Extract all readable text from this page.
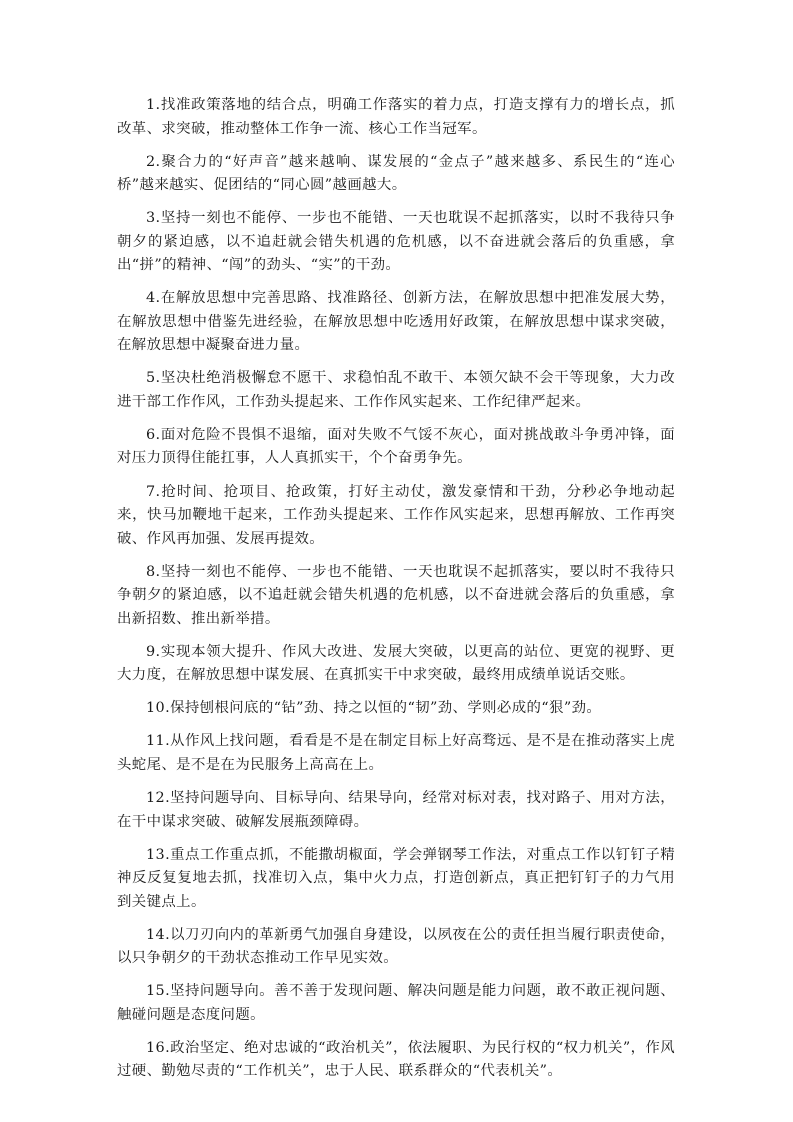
1.找准政策落地的结合点，明确工作落实的着力点，打造支撑有力的增长点，抓改革、求突破，推动整体工作争一流、核心工作当冠军。

2.聚合力的“好声音”越来越响、谋发展的“金点子”越来越多、系民生的“连心桥”越来越实、促团结的“同心圆”越画越大。

3.坚持一刻也不能停、一步也不能错、一天也耽误不起抓落实，以时不我待只争朝夕的紧迫感，以不追赶就会错失机遇的危机感，以不奋进就会落后的负重感，拿出“拼”的精神、“闯”的劲头、“实”的干劲。

4.在解放思想中完善思路、找准路径、创新方法，在解放思想中把准发展大势，在解放思想中借鉴先进经验，在解放思想中吃透用好政策，在解放思想中谋求突破，在解放思想中凝聚奋进力量。

5.坚决杜绝消极懈怠不愿干、求稳怕乱不敢干、本领欠缺不会干等现象，大力改进干部工作作风，工作劲头提起来、工作作风实起来、工作纪律严起来。

6.面对危险不畏惧不退缩，面对失败不气馁不灰心，面对挑战敢斗争勇冲锋，面对压力顶得住能扛事，人人真抓实干，个个奋勇争先。

7.抢时间、抢项目、抢政策，打好主动仗，激发豪情和干劲，分秒必争地动起来，快马加鞭地干起来，工作劲头提起来、工作作风实起来，思想再解放、工作再突破、作风再加强、发展再提效。

8.坚持一刻也不能停、一步也不能错、一天也耽误不起抓落实，要以时不我待只争朝夕的紧迫感，以不追赶就会错失机遇的危机感，以不奋进就会落后的负重感，拿出新招数、推出新举措。

9.实现本领大提升、作风大改进、发展大突破，以更高的站位、更宽的视野、更大力度，在解放思想中谋发展、在真抓实干中求突破，最终用成绩单说话交账。

10.保持刨根问底的“钻”劲、持之以恒的“韧”劲、学则必成的“狠”劲。

11.从作风上找问题，看看是不是在制定目标上好高骛远、是不是在推动落实上虎头蛇尾、是不是在为民服务上高高在上。

12.坚持问题导向、目标导向、结果导向，经常对标对表，找对路子、用对方法，在干中谋求突破、破解发展瓶颈障碍。

13.重点工作重点抓，不能撒胡椒面，学会弹钢琴工作法，对重点工作以钉钉子精神反反复复地去抓，找准切入点，集中火力点，打造创新点，真正把钉钉子的力气用到关键点上。

14.以刀刃向内的革新勇气加强自身建设，以夙夜在公的责任担当履行职责使命，以只争朝夕的干劲状态推动工作早见实效。

15.坚持问题导向。善不善于发现问题、解决问题是能力问题，敢不敢正视问题、触碰问题是态度问题。

16.政治坚定、绝对忠诚的“政治机关”，依法履职、为民行权的“权力机关”，作风过硬、勤勉尽责的“工作机关”，忠于人民、联系群众的“代表机关”。
